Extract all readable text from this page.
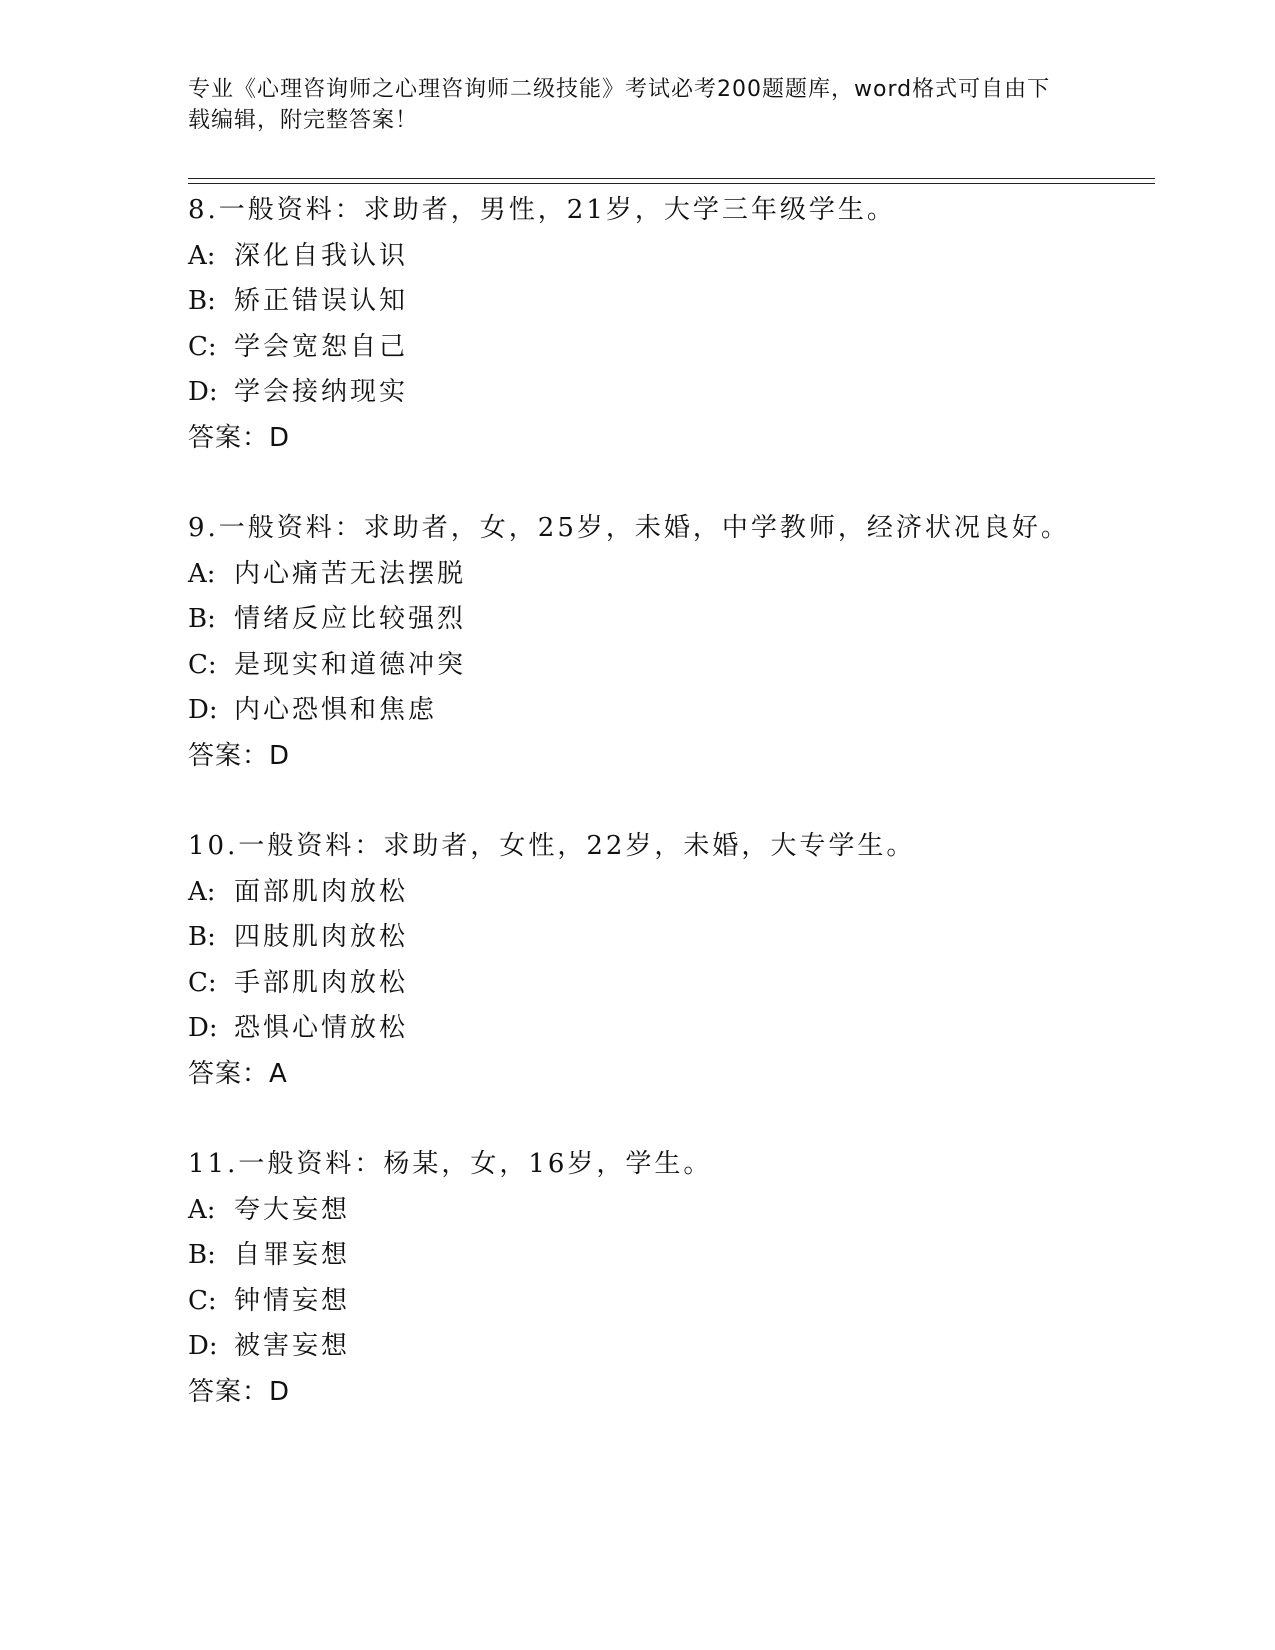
专业《心理咨询师之心理咨询师二级技能》考试必考200题题库，word格式可自由下载编辑，附完整答案！
8.一般资料：求助者，男性，21岁，大学三年级学生。
A: 深化自我认识
B: 矫正错误认知
C: 学会宽恕自己
D: 学会接纳现实
答案：D
9.一般资料：求助者，女，25岁，未婚，中学教师，经济状况良好。
A: 内心痛苦无法摆脱
B: 情绪反应比较强烈
C: 是现实和道德冲突
D: 内心恐惧和焦虑
答案：D
10.一般资料：求助者，女性，22岁，未婚，大专学生。
A: 面部肌肉放松
B: 四肢肌肉放松
C: 手部肌肉放松
D: 恐惧心情放松
答案：A
11.一般资料：杨某，女，16岁，学生。
A: 夸大妄想
B: 自罪妄想
C: 钟情妄想
D: 被害妄想
答案：D
